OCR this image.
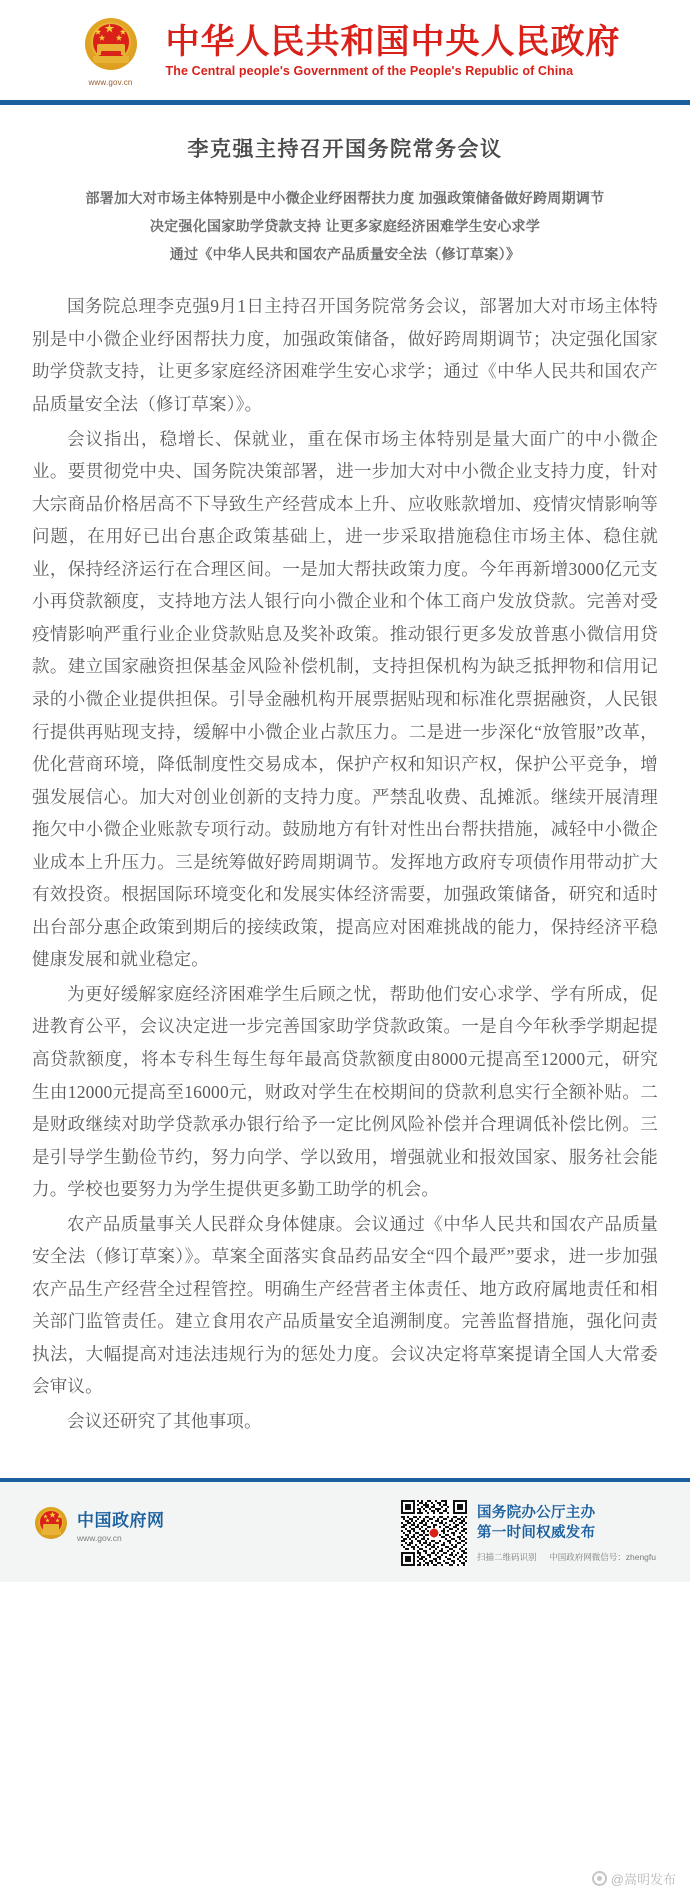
★
★
★ ★
★
www.gov.cn
中华人民共和国中央人民政府
The Central people's Government of the People's Republic of China
李克强主持召开国务院常务会议
部署加大对市场主体特别是中小微企业纾困帮扶力度 加强政策储备做好跨周期调节
决定强化国家助学贷款支持 让更多家庭经济困难学生安心求学
通过《中华人民共和国农产品质量安全法（修订草案）》

国务院总理李克强9月1日主持召开国务院常务会议，部署加大对市场主体特别是中小微企业纾困帮扶力度，加强政策储备，做好跨周期调节；决定强化国家助学贷款支持，让更多家庭经济困难学生安心求学；通过《中华人民共和国农产品质量安全法（修订草案）》。

会议指出，稳增长、保就业，重在保市场主体特别是量大面广的中小微企业。要贯彻党中央、国务院决策部署，进一步加大对中小微企业支持力度，针对大宗商品价格居高不下导致生产经营成本上升、应收账款增加、疫情灾情影响等问题，在用好已出台惠企政策基础上，进一步采取措施稳住市场主体、稳住就业，保持经济运行在合理区间。一是加大帮扶政策力度。今年再新增3000亿元支小再贷款额度，支持地方法人银行向小微企业和个体工商户发放贷款。完善对受疫情影响严重行业企业贷款贴息及奖补政策。推动银行更多发放普惠小微信用贷款。建立国家融资担保基金风险补偿机制，支持担保机构为缺乏抵押物和信用记录的小微企业提供担保。引导金融机构开展票据贴现和标准化票据融资，人民银行提供再贴现支持，缓解中小微企业占款压力。二是进一步深化“放管服”改革，优化营商环境，降低制度性交易成本，保护产权和知识产权，保护公平竞争，增强发展信心。加大对创业创新的支持力度。严禁乱收费、乱摊派。继续开展清理拖欠中小微企业账款专项行动。鼓励地方有针对性出台帮扶措施，减轻中小微企业成本上升压力。三是统筹做好跨周期调节。发挥地方政府专项债作用带动扩大有效投资。根据国际环境变化和发展实体经济需要，加强政策储备，研究和适时出台部分惠企政策到期后的接续政策，提高应对困难挑战的能力，保持经济平稳健康发展和就业稳定。

为更好缓解家庭经济困难学生后顾之忧，帮助他们安心求学、学有所成，促进教育公平，会议决定进一步完善国家助学贷款政策。一是自今年秋季学期起提高贷款额度，将本专科生每生每年最高贷款额度由8000元提高至12000元，研究生由12000元提高至16000元，财政对学生在校期间的贷款利息实行全额补贴。二是财政继续对助学贷款承办银行给予一定比例风险补偿并合理调低补偿比例。三是引导学生勤俭节约，努力向学、学以致用，增强就业和报效国家、服务社会能力。学校也要努力为学生提供更多勤工助学的机会。

农产品质量事关人民群众身体健康。会议通过《中华人民共和国农产品质量安全法（修订草案）》。草案全面落实食品药品安全“四个最严”要求，进一步加强农产品生产经营全过程管控。明确生产经营者主体责任、地方政府属地责任和相关部门监管责任。建立食用农产品质量安全追溯制度。完善监督措施，强化问责执法，大幅提高对违法违规行为的惩处力度。会议决定将草案提请全国人大常委会审议。

会议还研究了其他事项。

★
★
★ ★
★ 中国政府网
www.gov.cn
国务院办公厅主办
第一时间权威发布
扫描二维码识别 中国政府网微信号：zhengfu
@嵩明发布
